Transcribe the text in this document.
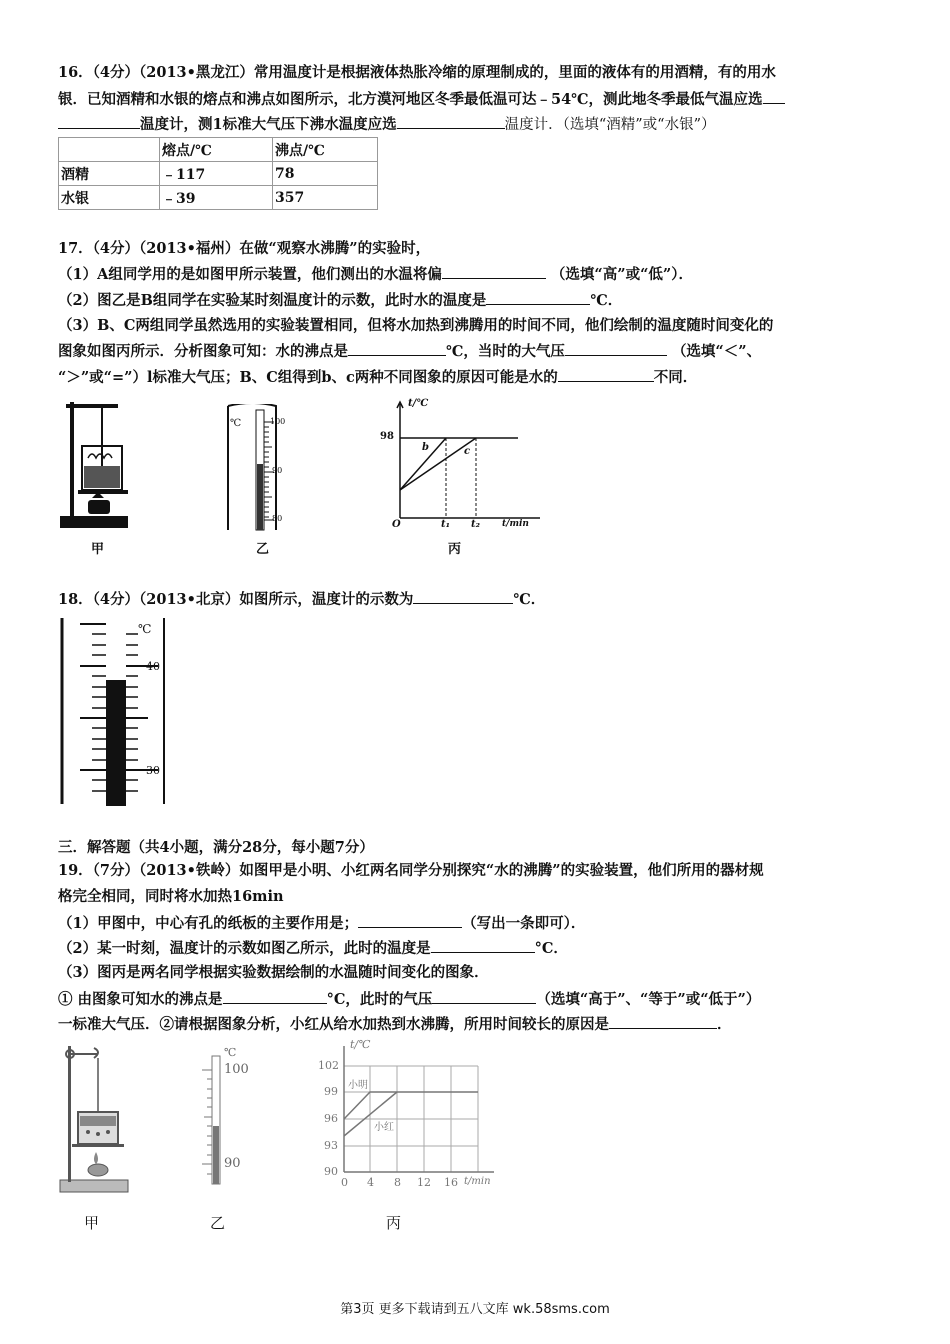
16．（4分）（2013•黑龙江）常用温度计是根据液体热胀冷缩的原理制成的，里面的液体有的用酒精，有的用水
银．已知酒精和水银的熔点和沸点如图所示，北方漠河地区冬季最低温可达﹣54℃，测此地冬季最低气温应选
温度计，测1标准大气压下沸水温度应选	温度计．（选填“酒精”或“水银”）
	熔点/℃	沸点/℃
酒精	﹣117	78
水银	﹣39	357
17．（4分）（2013•福州）在做“观察水沸腾”的实验时，
（1）A组同学用的是如图甲所示装置，他们测出的水温将偏	（选填“高”或“低”）．
（2）图乙是B组同学在实验某时刻温度计的示数，此时水的温度是	℃．
（3）B、C两组同学虽然选用的实验装置相同，但将水加热到沸腾用的时间不同，他们绘制的温度随时间变化的
图象如图丙所示．分析图象可知：水的沸点是	℃，当时的大气压	（选填“＜”、
“＞”或“=”）l标准大气压；B、C组得到b、c两种不同图象的原因可能是水的	不同．
甲
℃	100
90
80
乙
t/℃
98
O	t₁ t₂ t/min
b	c
丙
18．（4分）（2013•北京）如图所示，温度计的示数为	℃．
℃
40
30
三．解答题（共4小题，满分28分，每小题7分）
19．（7分）（2013•铁岭）如图甲是小明、小红两名同学分别探究“水的沸腾”的实验装置，他们所用的器材规
格完全相同，同时将水加热16min
（1）甲图中，中心有孔的纸板的主要作用是；	（写出一条即可）．
（2）某一时刻，温度计的示数如图乙所示，此时的温度是	°C．
（3）图丙是两名同学根据实验数据绘制的水温随时间变化的图象．
① 由图象可知水的沸点是	°C，此时的气压	（选填“高于”、“等于”或“低于”）
一标准大气压．②请根据图象分析，小红从给水加热到水沸腾，所用时间较长的原因是	．
甲
℃
100
90
乙
t/℃
102
99
96
93
90
0 4 8 12 16 t/min
小明
小红
丙
第3页 更多下载请到五八文库 wk.58sms.com
